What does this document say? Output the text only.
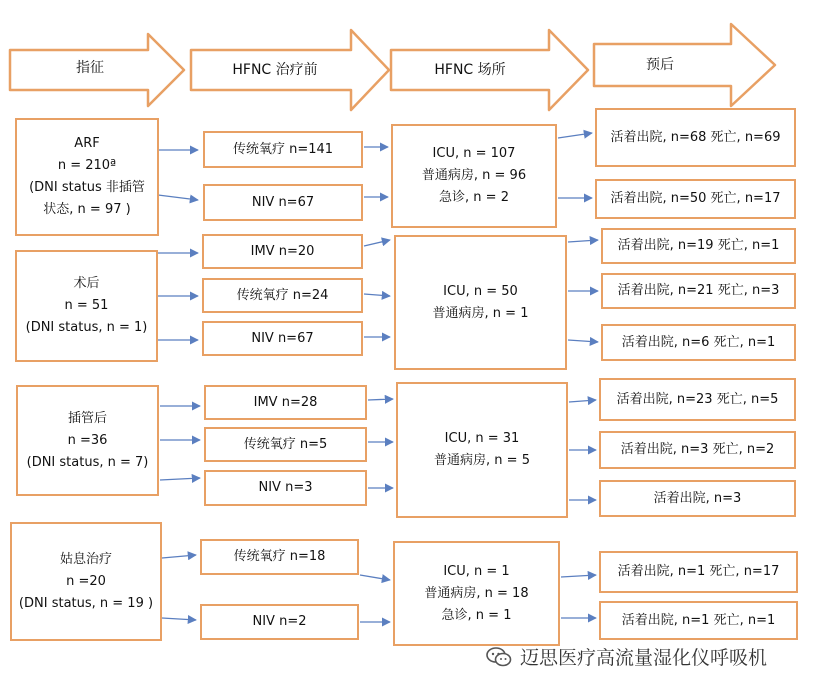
指征	HFNC 治疗前	HFNC 场所	预后
ARF
n = 210ª
(DNI status 非插管
状态, n = 97 )
传统氧疗 n=141
NIV n=67
ICU, n = 107
普通病房, n = 96
急诊, n = 2
活着出院, n=68 死亡, n=69
活着出院, n=50 死亡, n=17
术后
n = 51
(DNI status, n = 1)
IMV n=20
传统氧疗 n=24
NIV n=67
ICU, n = 50
普通病房, n = 1
活着出院, n=19 死亡, n=1
活着出院, n=21 死亡, n=3
活着出院, n=6 死亡, n=1
插管后
n =36
(DNI status, n = 7)
IMV n=28
传统氧疗 n=5
NIV n=3
ICU, n = 31
普通病房, n = 5
活着出院, n=23 死亡, n=5
活着出院, n=3 死亡, n=2
活着出院, n=3
姑息治疗
n =20
(DNI status, n = 19 )
传统氧疗 n=18
NIV n=2
ICU, n = 1
普通病房, n = 18
急诊, n = 1
活着出院, n=1 死亡, n=17
活着出院, n=1 死亡, n=1
迈思医疗高流量湿化仪呼吸机
